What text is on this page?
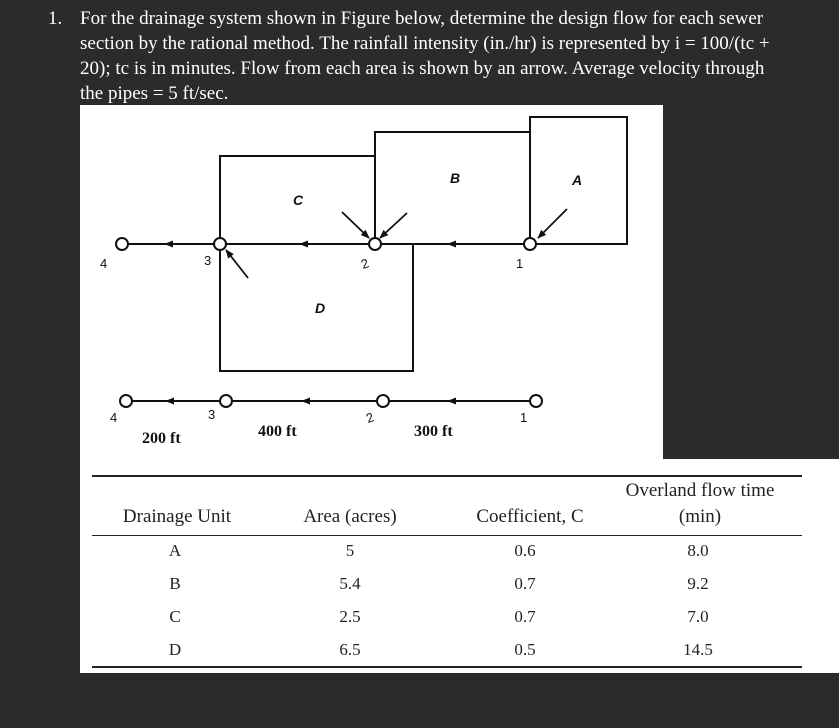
1. For the drainage system shown in Figure below, determine the design flow for each sewer
section by the rational method. The rainfall intensity (in./hr) is represented by i = 100/(tc +
20); tc is in minutes. Flow from each area is shown by an arrow. Average velocity through
the pipes = 5 ft/sec.
A
B
C
D
4	3	2	1
4	3	2	1
200 ft	400 ft	300 ft
Overland flow time
Drainage Unit	Area (acres)	Coefficient, C	(min)
A	5	0.6	8.0
B	5.4	0.7	9.2
C	2.5	0.7	7.0
D	6.5	0.5	14.5
